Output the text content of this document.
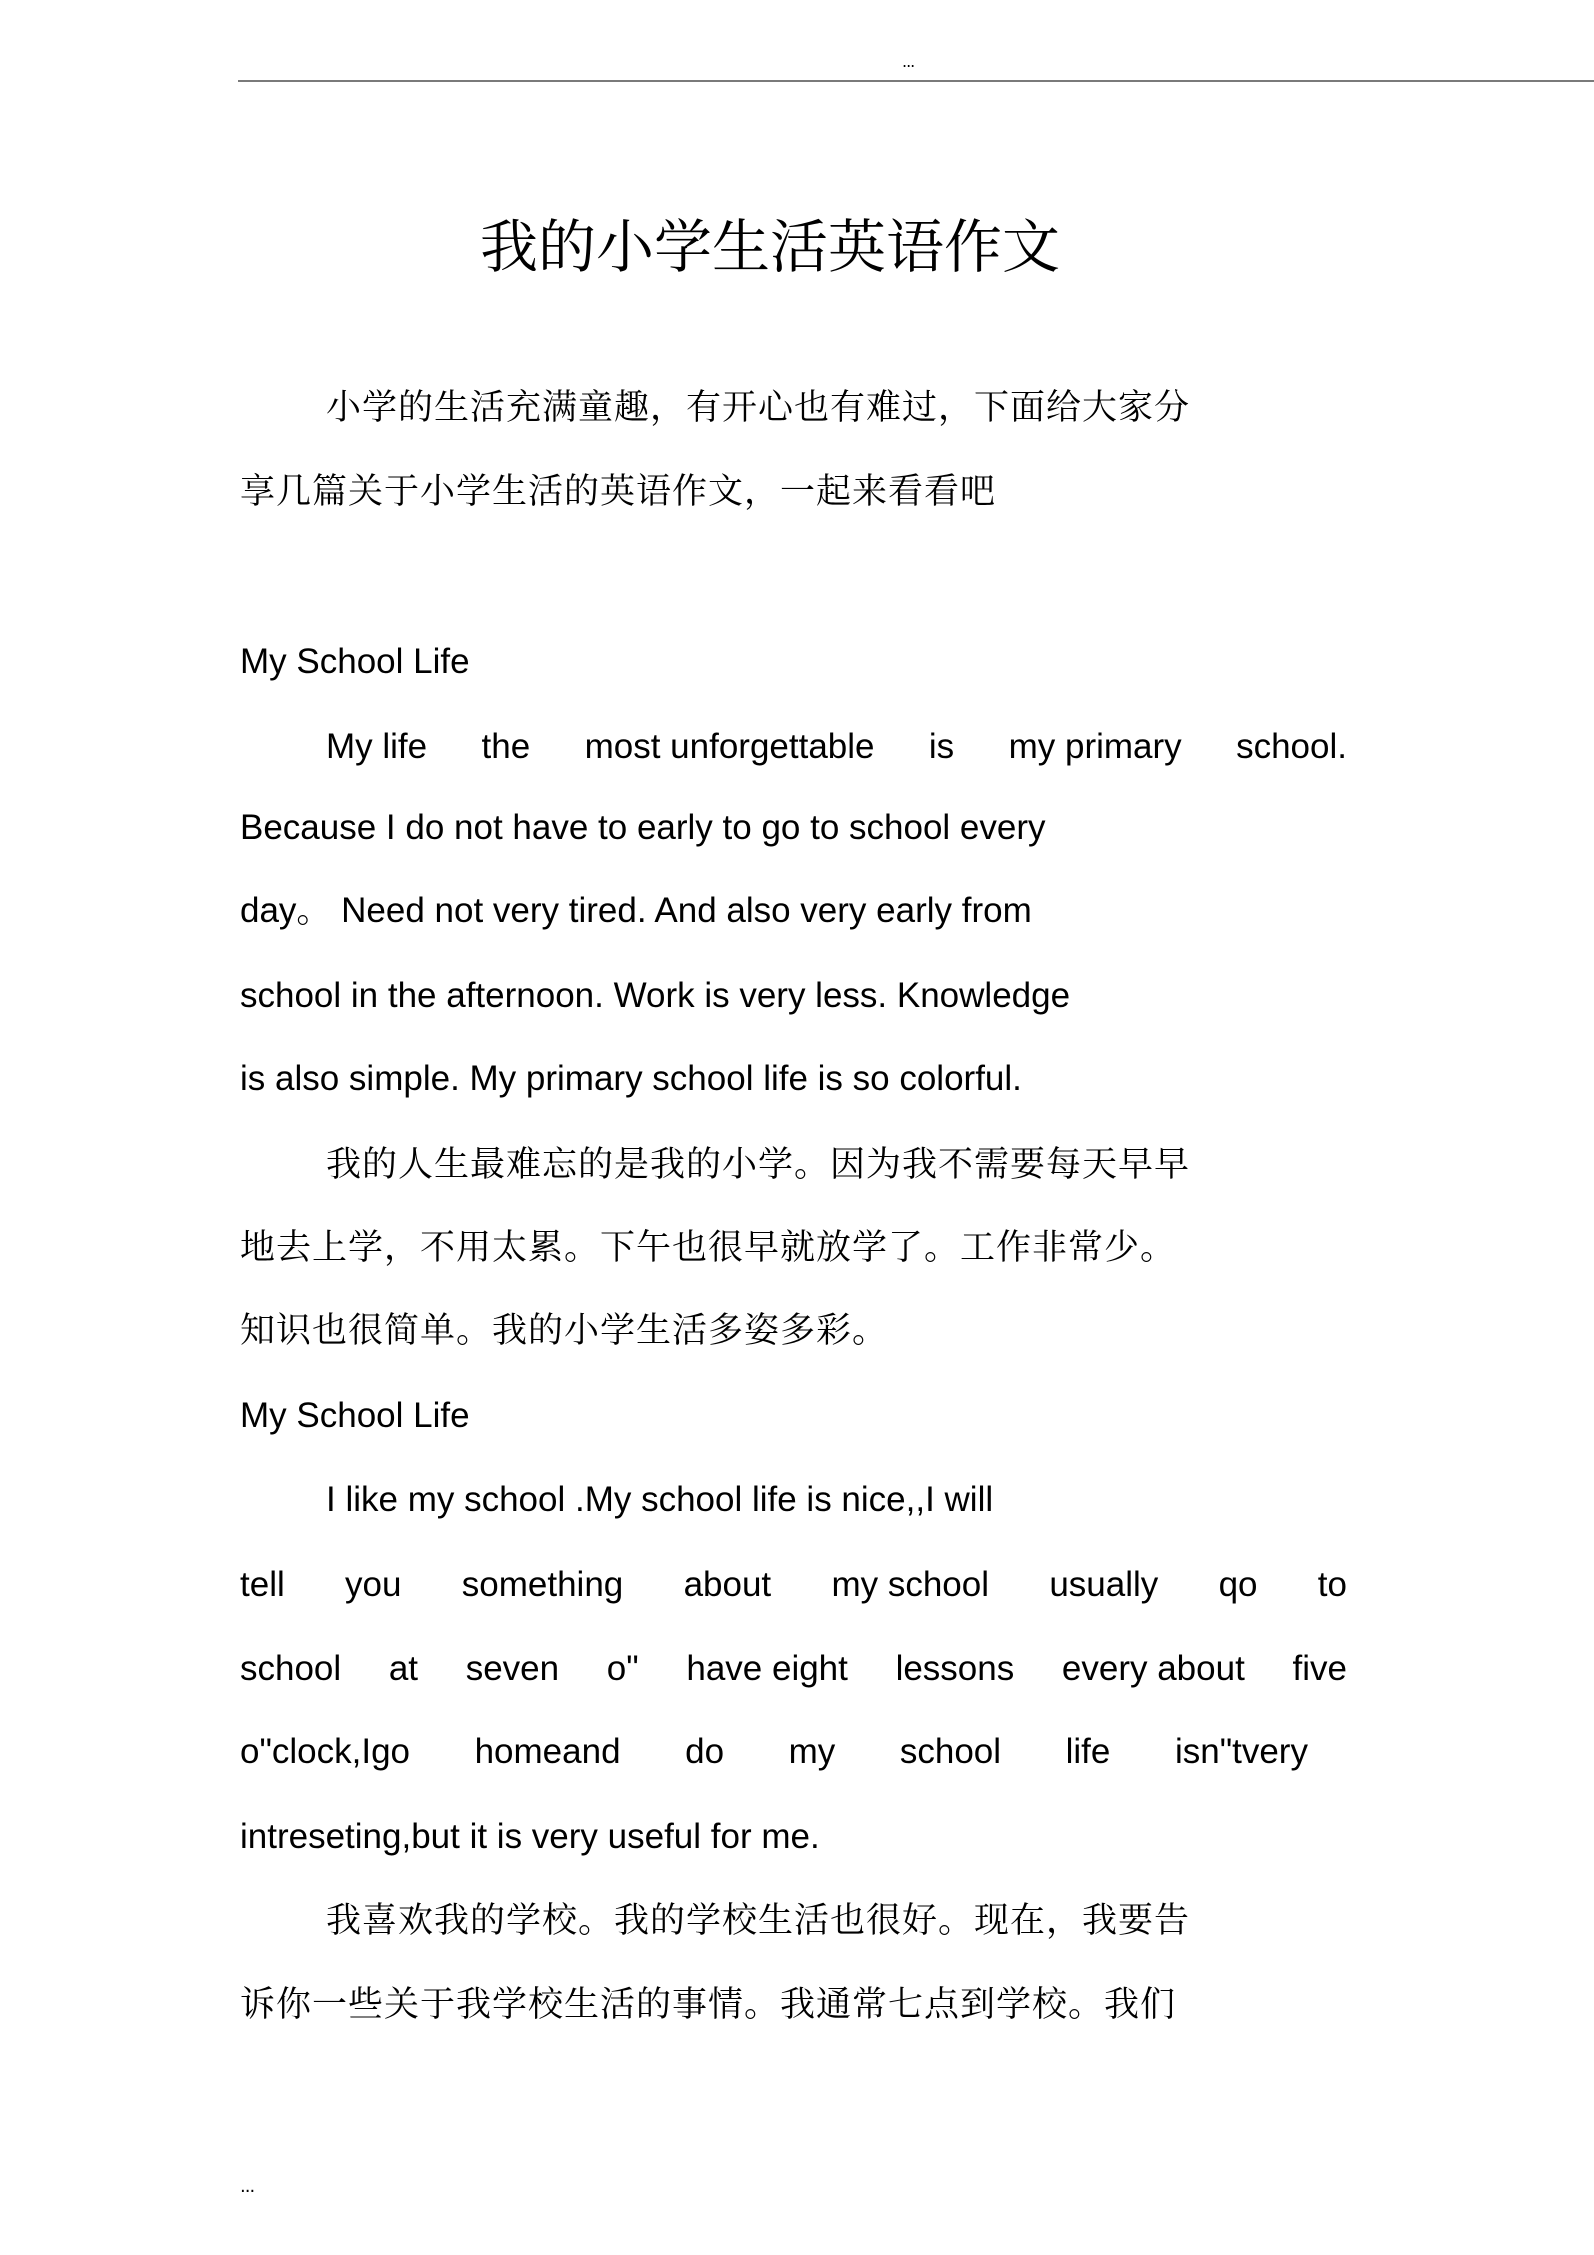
...
我的小学生活英语作文

小学的生活充满童趣，有开心也有难过，下面给大家分

享几篇关于小学生活的英语作文，一起来看看吧

My School Life

My life the most unforgettable is my primary school.

Because I do not have to early to go to school every

day。 Need not very tired. And also very early from

school in the afternoon. Work is very less. Knowledge

is also simple. My primary school life is so colorful.

我的人生最难忘的是我的小学。因为我不需要每天早早

地去上学，不用太累。下午也很早就放学了。工作非常少。

知识也很简单。我的小学生活多姿多彩。

My School Life

I like my school .My school life is nice,,I will

tell you something about my school usually qo to

school at seven o" have eight lessons every about five

o"clock,Igo homeand do my school life isn"tvery

intreseting,but it is very useful for me.

我喜欢我的学校。我的学校生活也很好。现在，我要告

诉你一些关于我学校生活的事情。我通常七点到学校。我们

...
